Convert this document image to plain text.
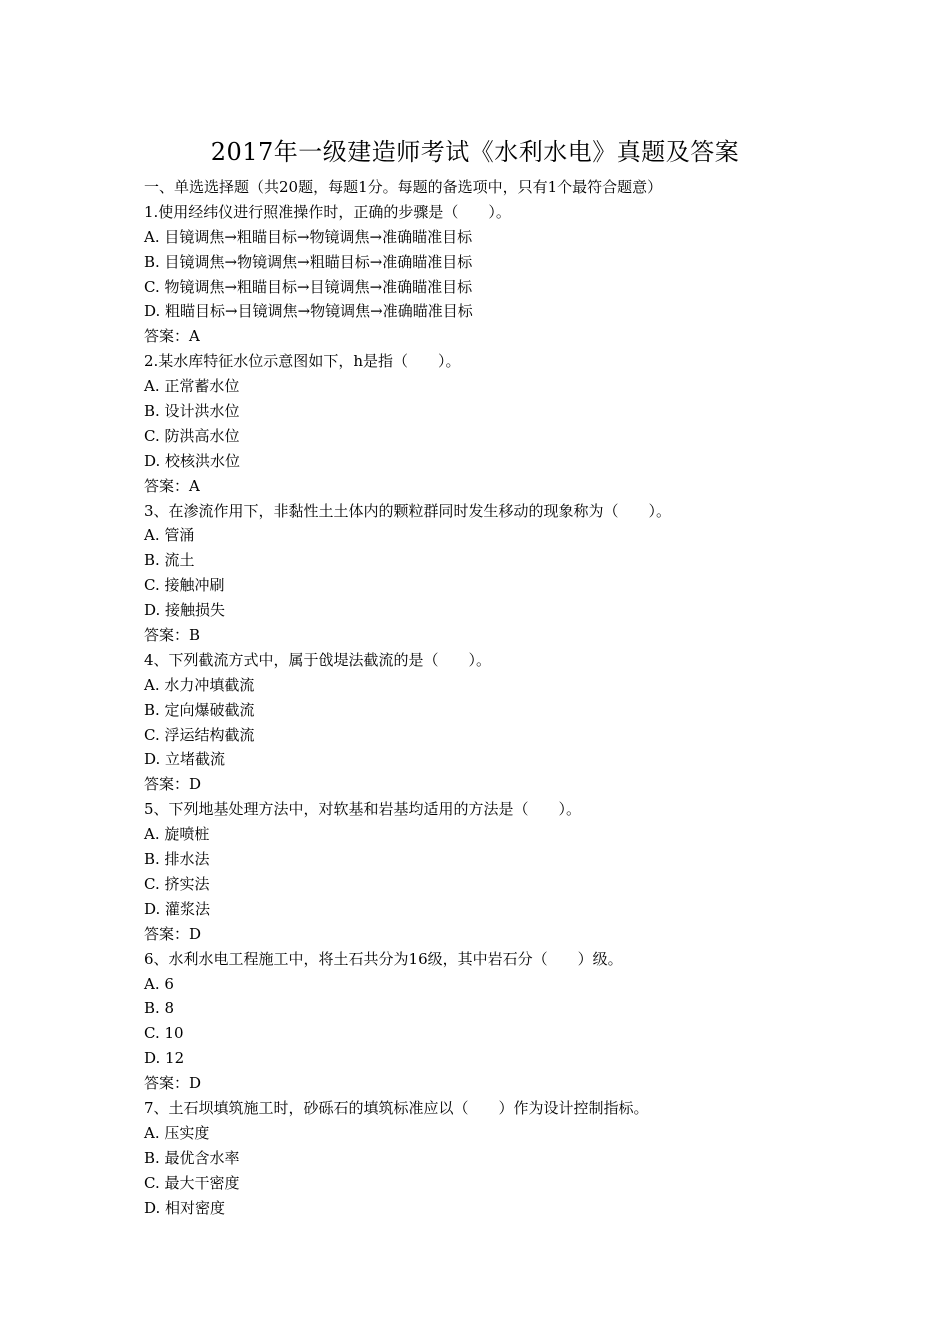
2017年一级建造师考试《水利水电》真题及答案
一、单选选择题（共20题，每题1分。每题的备选项中，只有1个最符合题意）
1.使用经纬仪进行照准操作时，正确的步骤是（　　）。
A. 目镜调焦→粗瞄目标→物镜调焦→准确瞄准目标
B. 目镜调焦→物镜调焦→粗瞄目标→准确瞄准目标
C. 物镜调焦→粗瞄目标→目镜调焦→准确瞄准目标
D. 粗瞄目标→目镜调焦→物镜调焦→准确瞄准目标
答案：A
2.某水库特征水位示意图如下，h是指（　　）。
A. 正常蓄水位
B. 设计洪水位
C. 防洪高水位
D. 校核洪水位
答案：A
3、在渗流作用下，非黏性土土体内的颗粒群同时发生移动的现象称为（　　）。
A. 管涌
B. 流土
C. 接触冲刷
D. 接触损失
答案：B
4、下列截流方式中，属于戗堤法截流的是（　　）。
A. 水力冲填截流
B. 定向爆破截流
C. 浮运结构截流
D. 立堵截流
答案：D
5、下列地基处理方法中，对软基和岩基均适用的方法是（　　）。
A. 旋喷桩
B. 排水法
C. 挤实法
D. 灌浆法
答案：D
6、水利水电工程施工中，将土石共分为16级，其中岩石分（　　）级。
A. 6
B. 8
C. 10
D. 12
答案：D
7、土石坝填筑施工时，砂砾石的填筑标准应以（　　）作为设计控制指标。
A. 压实度
B. 最优含水率
C. 最大干密度
D. 相对密度
